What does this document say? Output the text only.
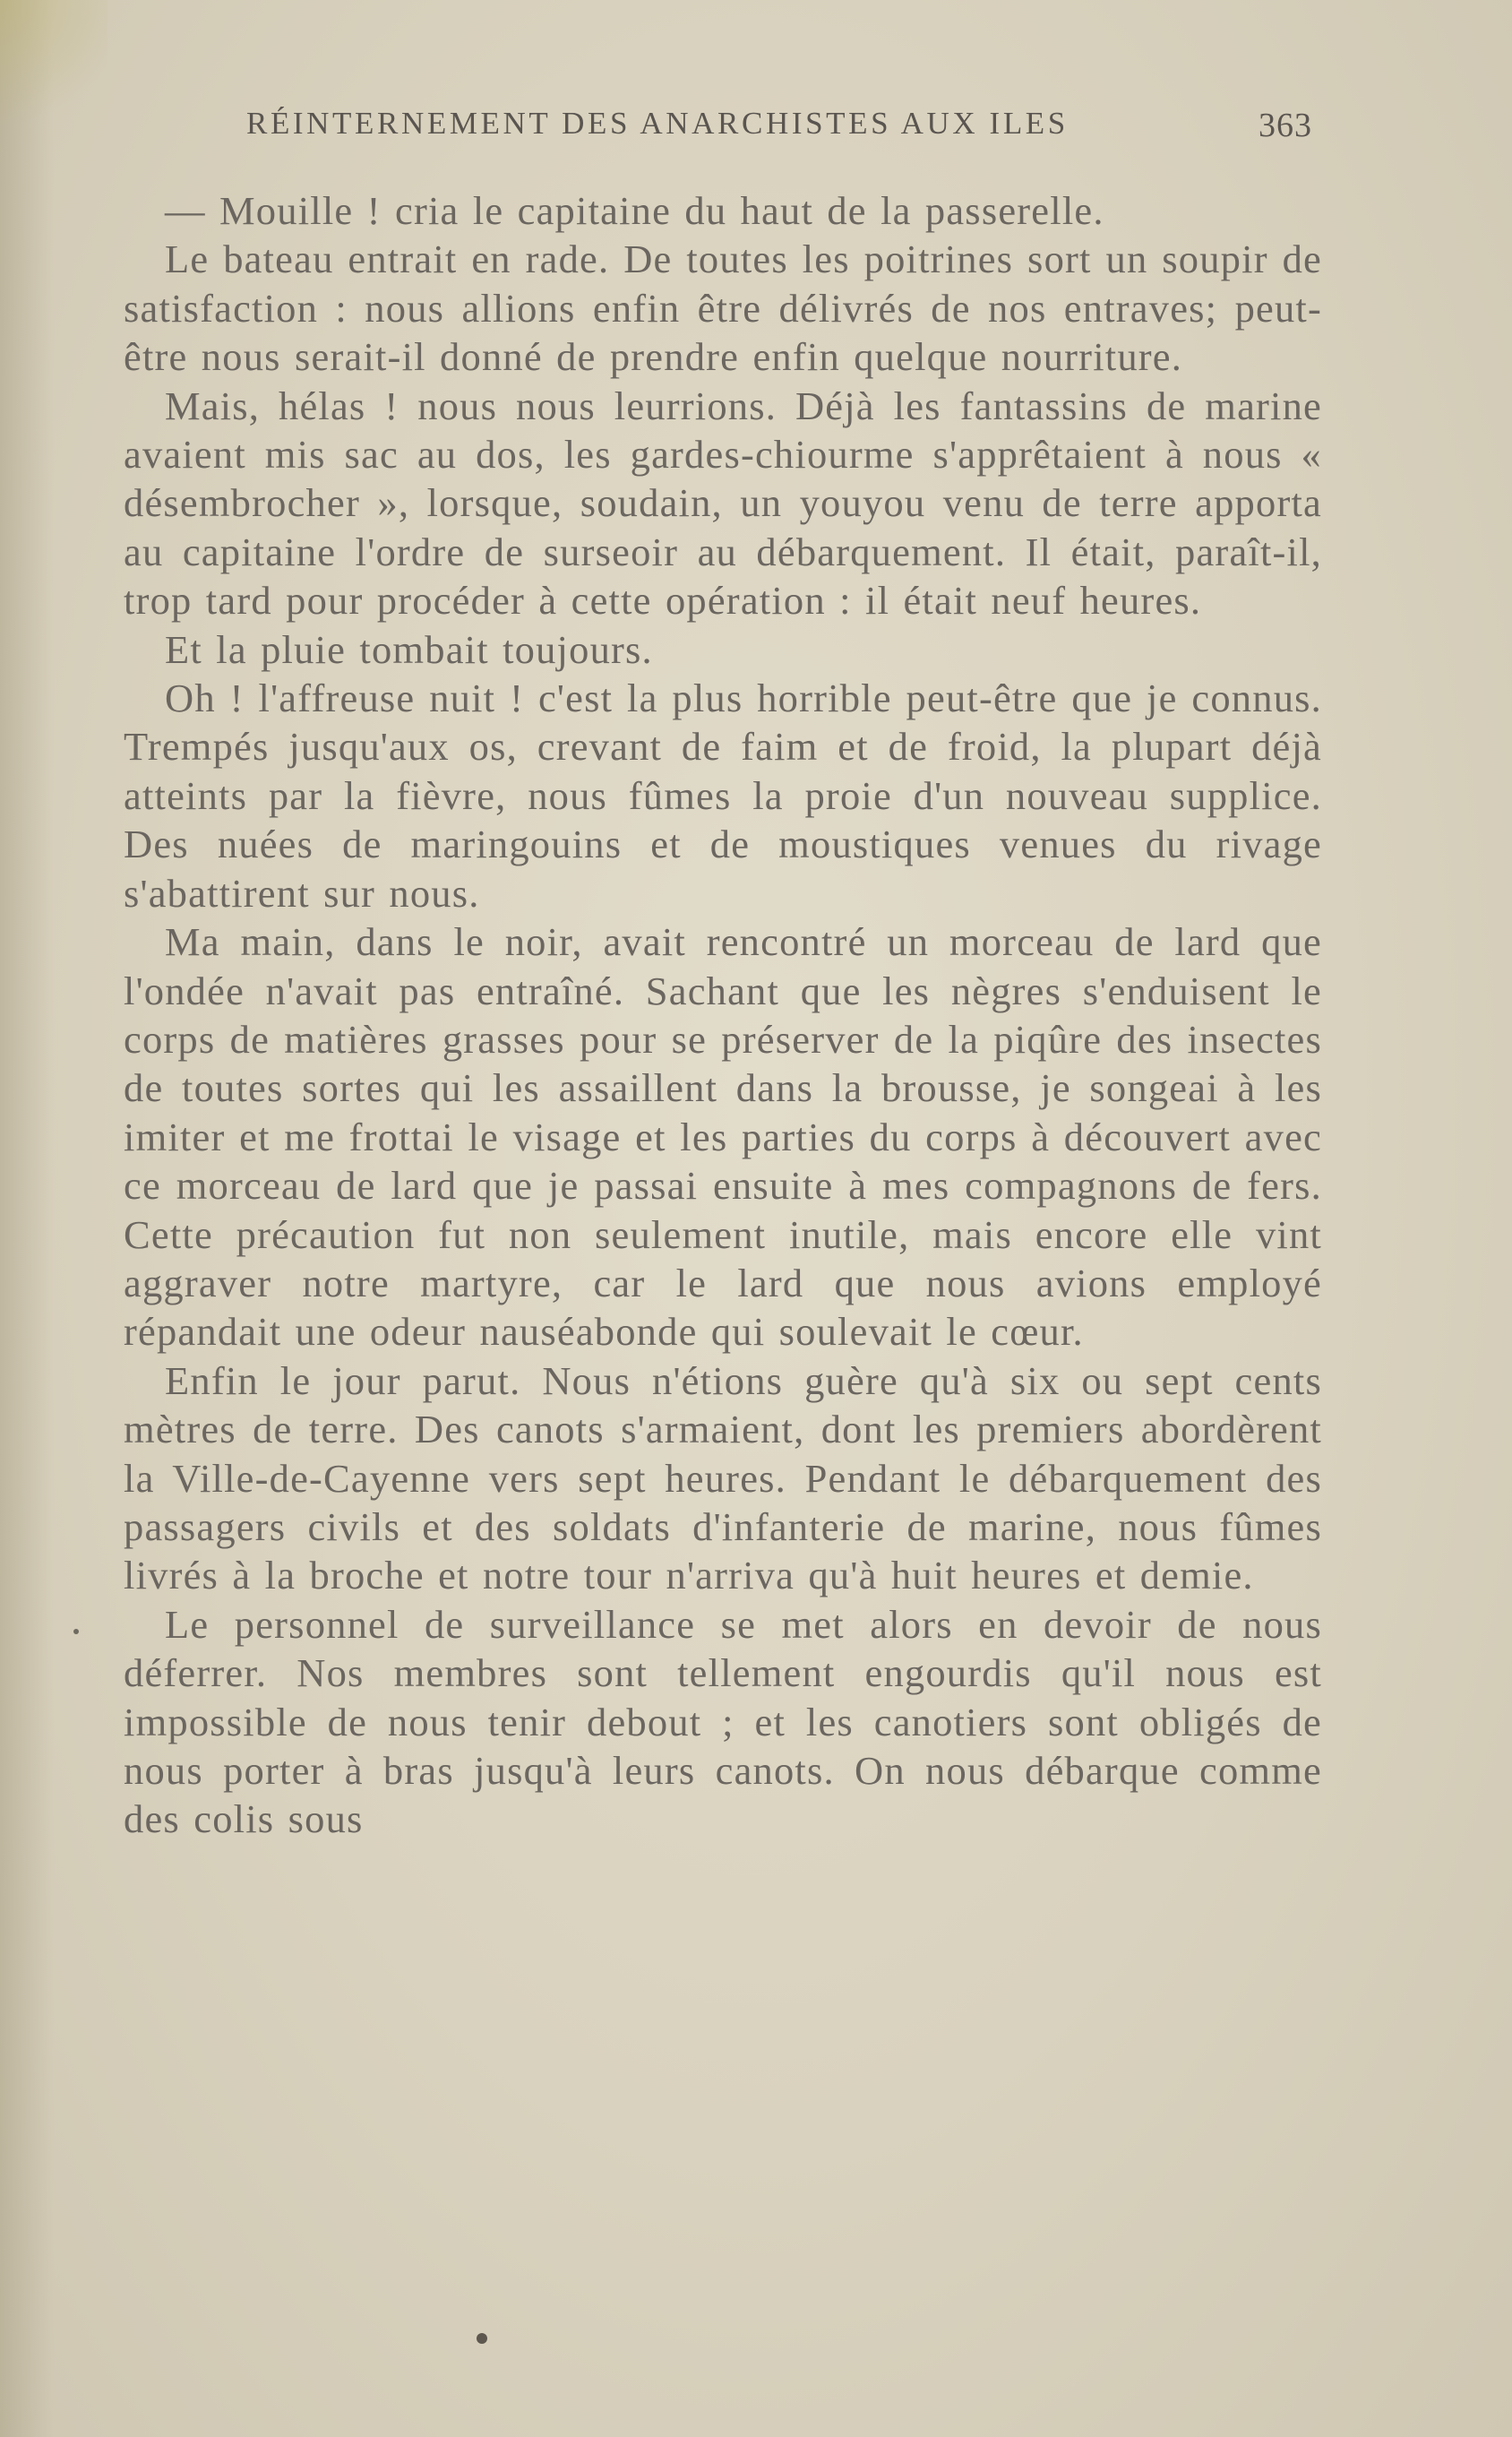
RÉINTERNEMENT DES ANARCHISTES AUX ILES	363

— Mouille ! cria le capitaine du haut de la passerelle.

Le bateau entrait en rade. De toutes les poitrines sort un soupir de satisfaction : nous allions enfin être délivrés de nos entraves; peut-être nous serait-il donné de prendre enfin quelque nourriture.

Mais, hélas ! nous nous leurrions. Déjà les fantassins de marine avaient mis sac au dos, les gardes-chiourme s'apprêtaient à nous « désembrocher », lorsque, soudain, un youyou venu de terre apporta au capitaine l'ordre de surseoir au débarquement. Il était, paraît-il, trop tard pour procéder à cette opération : il était neuf heures.

Et la pluie tombait toujours.

Oh ! l'affreuse nuit ! c'est la plus horrible peut-être que je connus. Trempés jusqu'aux os, crevant de faim et de froid, la plupart déjà atteints par la fièvre, nous fûmes la proie d'un nouveau supplice. Des nuées de maringouins et de moustiques venues du rivage s'abattirent sur nous.

Ma main, dans le noir, avait rencontré un morceau de lard que l'ondée n'avait pas entraîné. Sachant que les nègres s'enduisent le corps de matières grasses pour se préserver de la piqûre des insectes de toutes sortes qui les assaillent dans la brousse, je songeai à les imiter et me frottai le visage et les parties du corps à découvert avec ce morceau de lard que je passai ensuite à mes compagnons de fers. Cette précaution fut non seulement inutile, mais encore elle vint aggraver notre martyre, car le lard que nous avions employé répandait une odeur nauséabonde qui soulevait le cœur.

Enfin le jour parut. Nous n'étions guère qu'à six ou sept cents mètres de terre. Des canots s'armaient, dont les premiers abordèrent la Ville-de-Cayenne vers sept heures. Pendant le débarquement des passagers civils et des soldats d'infanterie de marine, nous fûmes livrés à la broche et notre tour n'arriva qu'à huit heures et demie.

Le personnel de surveillance se met alors en devoir de nous déferrer. Nos membres sont tellement engourdis qu'il nous est impossible de nous tenir debout ; et les canotiers sont obligés de nous porter à bras jusqu'à leurs canots. On nous débarque comme des colis sous
